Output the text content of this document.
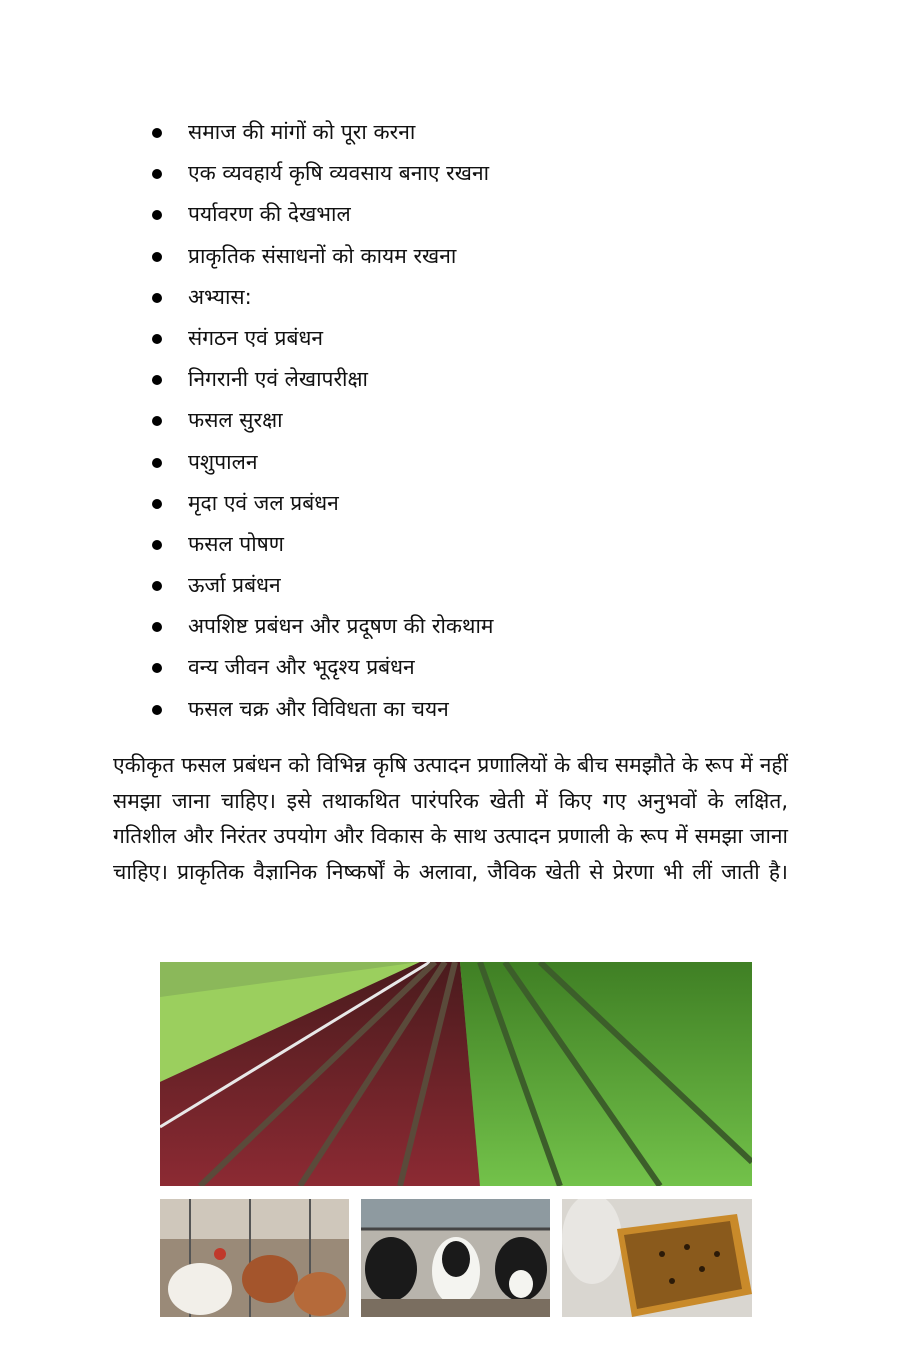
समाज की मांगों को पूरा करना
एक व्यवहार्य कृषि व्यवसाय बनाए रखना
पर्यावरण की देखभाल
प्राकृतिक संसाधनों को कायम रखना
अभ्यास:
संगठन एवं प्रबंधन
निगरानी एवं लेखापरीक्षा
फसल सुरक्षा
पशुपालन
मृदा एवं जल प्रबंधन
फसल पोषण
ऊर्जा प्रबंधन
अपशिष्ट प्रबंधन और प्रदूषण की रोकथाम
वन्य जीवन और भूदृश्य प्रबंधन
फसल चक्र और विविधता का चयन

एकीकृत फसल प्रबंधन को विभिन्न कृषि उत्पादन प्रणालियों के बीच समझौते के रूप में नहीं समझा जाना चाहिए। इसे तथाकथित पारंपरिक खेती में किए गए अनुभवों के लक्षित, गतिशील और निरंतर उपयोग और विकास के साथ उत्पादन प्रणाली के रूप में समझा जाना चाहिए। प्राकृतिक वैज्ञानिक निष्कर्षों के अलावा, जैविक खेती से प्रेरणा भी लीं जाती है।
